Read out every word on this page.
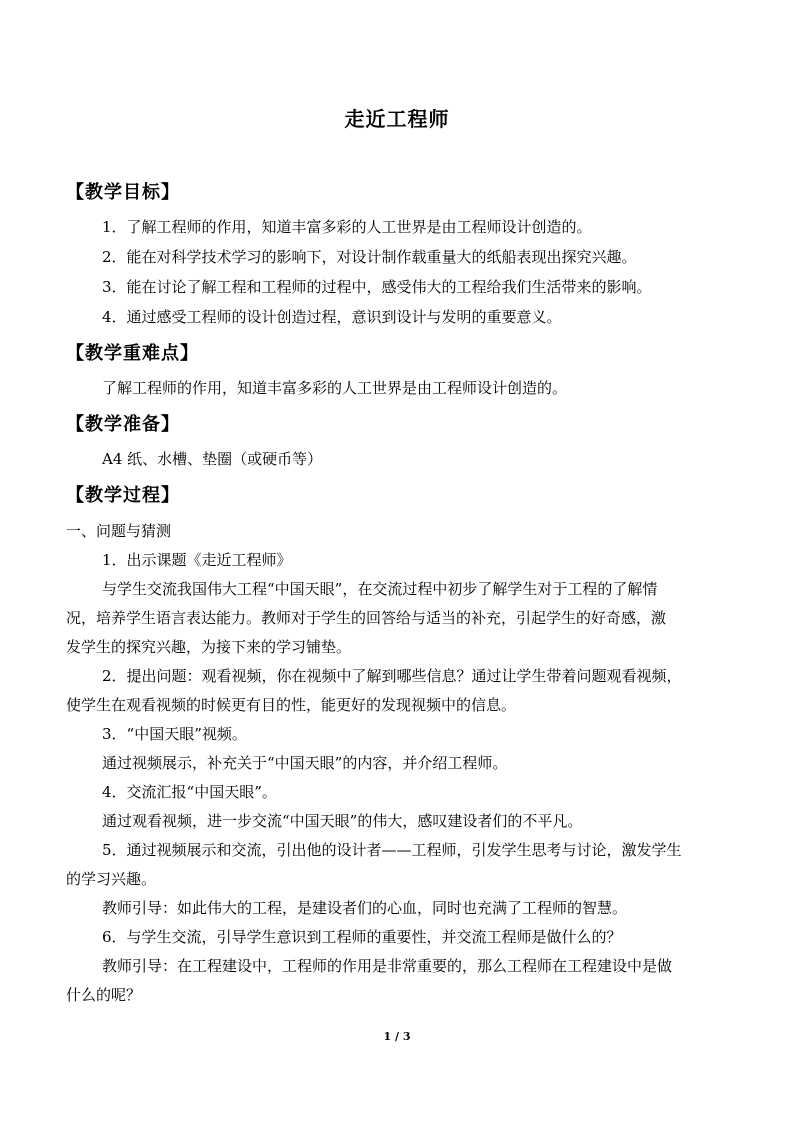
走近工程师
【教学目标】
1．了解工程师的作用，知道丰富多彩的人工世界是由工程师设计创造的。
2．能在对科学技术学习的影响下，对设计制作载重量大的纸船表现出探究兴趣。
3．能在讨论了解工程和工程师的过程中，感受伟大的工程给我们生活带来的影响。
4．通过感受工程师的设计创造过程，意识到设计与发明的重要意义。
【教学重难点】
了解工程师的作用，知道丰富多彩的人工世界是由工程师设计创造的。
【教学准备】
A4 纸、水槽、垫圈（或硬币等）
【教学过程】
一、问题与猜测
1．出示课题《走近工程师》
与学生交流我国伟大工程“中国天眼”，在交流过程中初步了解学生对于工程的了解情
况，培养学生语言表达能力。教师对于学生的回答给与适当的补充，引起学生的好奇感，激
发学生的探究兴趣，为接下来的学习铺垫。
2．提出问题：观看视频，你在视频中了解到哪些信息？通过让学生带着问题观看视频，
使学生在观看视频的时候更有目的性，能更好的发现视频中的信息。
3．“中国天眼”视频。
通过视频展示，补充关于“中国天眼”的内容，并介绍工程师。
4．交流汇报“中国天眼”。
通过观看视频，进一步交流“中国天眼”的伟大，感叹建设者们的不平凡。
5．通过视频展示和交流，引出他的设计者——工程师，引发学生思考与讨论，激发学生
的学习兴趣。
教师引导：如此伟大的工程，是建设者们的心血，同时也充满了工程师的智慧。
6．与学生交流，引导学生意识到工程师的重要性，并交流工程师是做什么的？
教师引导：在工程建设中，工程师的作用是非常重要的，那么工程师在工程建设中是做
什么的呢？
1 / 3
